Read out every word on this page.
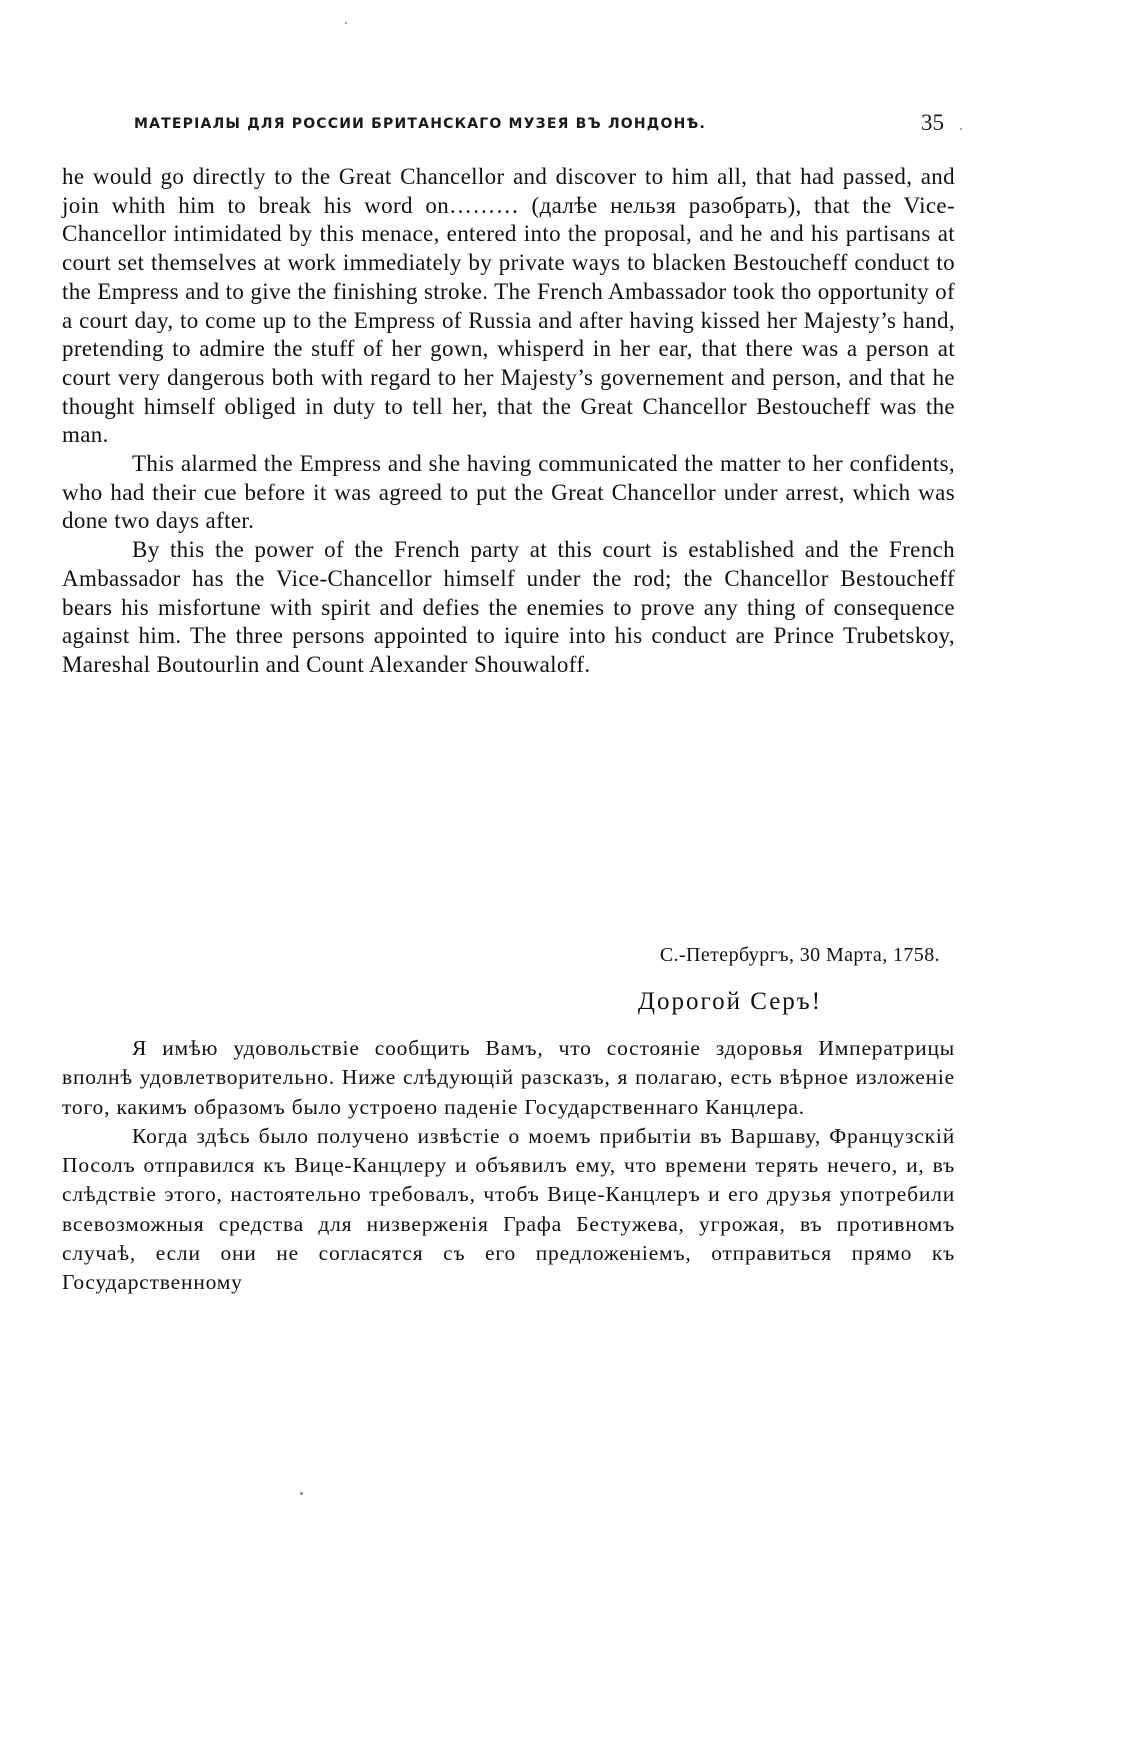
МАТЕРІАЛЫ ДЛЯ РОССИИ БРИТАНСКАГО МУЗЕЯ ВЪ ЛОНДОНѢ.	35

he would go directly to the Great Chancellor and discover to him all, that had passed, and join whith him to break his word on……… (далѣе нельзя разобрать), that the Vice-Chancellor intimidated by this menace, entered into the proposal, and he and his partisans at court set themselves at work immediately by private ways to blacken Bestoucheff conduct to the Empress and to give the finishing stroke. The French Ambassador took tho opportunity of a court day, to come up to the Empress of Russia and after having kissed her Majesty’s hand, pretending to admire the stuff of her gown, whisperd in her ear, that there was a person at court very dangerous both with regard to her Majesty’s governement and person, and that he thought himself obliged in duty to tell her, that the Great Chancellor Bestoucheff was the man.

This alarmed the Empress and she having communicated the matter to her confidents, who had their cue before it was agreed to put the Great Chancellor under arrest, which was done two days after.

By this the power of the French party at this court is established and the French Ambassador has the Vice-Chancellor himself under the rod; the Chancellor Bestoucheff bears his misfortune with spirit and defies the enemies to prove any thing of consequence against him. The three persons appointed to iquire into his conduct are Prince Trubetskoy, Mareshal Boutourlin and Count Alexander Shouwaloff.

С.-Петербургъ, 30 Марта, 1758.
Дорогой Серъ!

Я имѣю удовольствіе сообщить Вамъ, что состояніе здоровья Императрицы вполнѣ удовлетворительно. Ниже слѣдующій разсказъ, я полагаю, есть вѣрное изложеніе того, какимъ образомъ было устроено паденіе Государственнаго Канцлера.

Когда здѣсь было получено извѣстіе о моемъ прибытіи въ Варшаву, Французскій Посолъ отправился къ Вице-Канцлеру и объявилъ ему, что времени терять нечего, и, въ слѣдствіе этого, настоятельно требовалъ, чтобъ Вице-Канцлеръ и его друзья употребили всевозможныя средства для низверженія Графа Бестужева, угрожая, въ противномъ случаѣ, если они не согласятся съ его предложеніемъ, отправиться прямо къ Государственному
